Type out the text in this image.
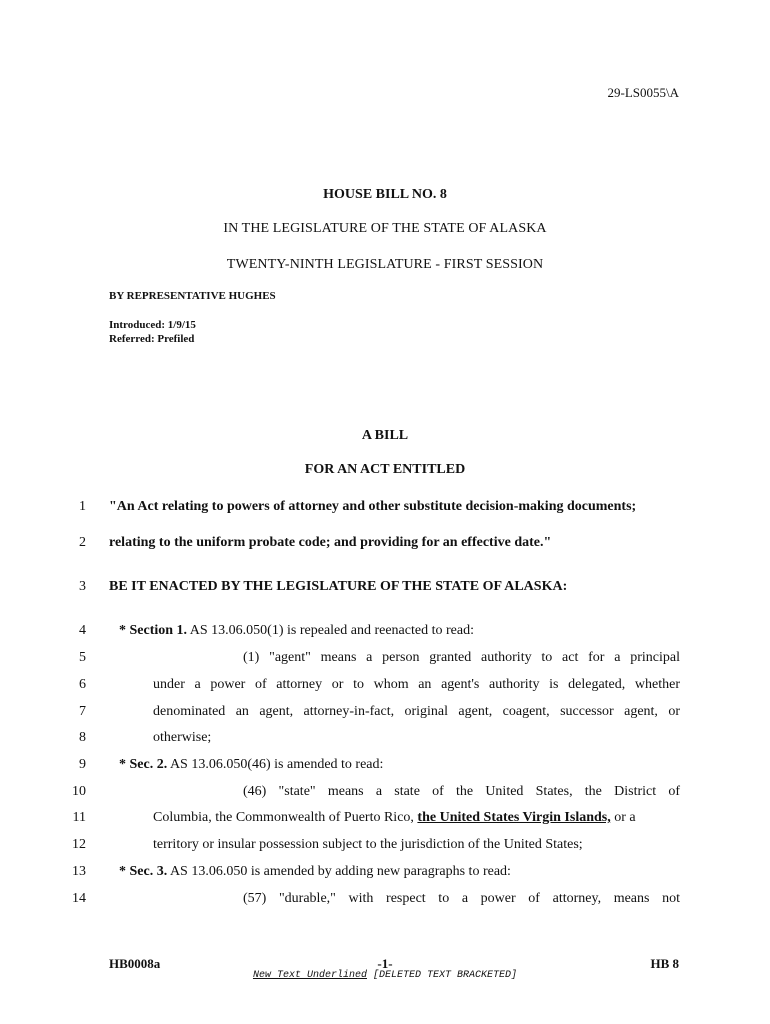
29-LS0055\A
HOUSE BILL NO. 8
IN THE LEGISLATURE OF THE STATE OF ALASKA
TWENTY-NINTH LEGISLATURE - FIRST SESSION
BY REPRESENTATIVE HUGHES
Introduced: 1/9/15
Referred: Prefiled
A BILL
FOR AN ACT ENTITLED
1 "An Act relating to powers of attorney and other substitute decision-making documents;
2 relating to the uniform probate code; and providing for an effective date."
3 BE IT ENACTED BY THE LEGISLATURE OF THE STATE OF ALASKA:
4 * Section 1. AS 13.06.050(1) is repealed and reenacted to read:
5	(1) "agent" means a person granted authority to act for a principal
6	under a power of attorney or to whom an agent's authority is delegated, whether
7	denominated an agent, attorney-in-fact, original agent, coagent, successor agent, or
8	otherwise;
9 * Sec. 2. AS 13.06.050(46) is amended to read:
10	(46) "state" means a state of the United States, the District of
11	Columbia, the Commonwealth of Puerto Rico, the United States Virgin Islands, or a
12	territory or insular possession subject to the jurisdiction of the United States;
13 * Sec. 3. AS 13.06.050 is amended by adding new paragraphs to read:
14	(57) "durable," with respect to a power of attorney, means not
HB0008a	-1-	HB 8
New Text Underlined [DELETED TEXT BRACKETED]
